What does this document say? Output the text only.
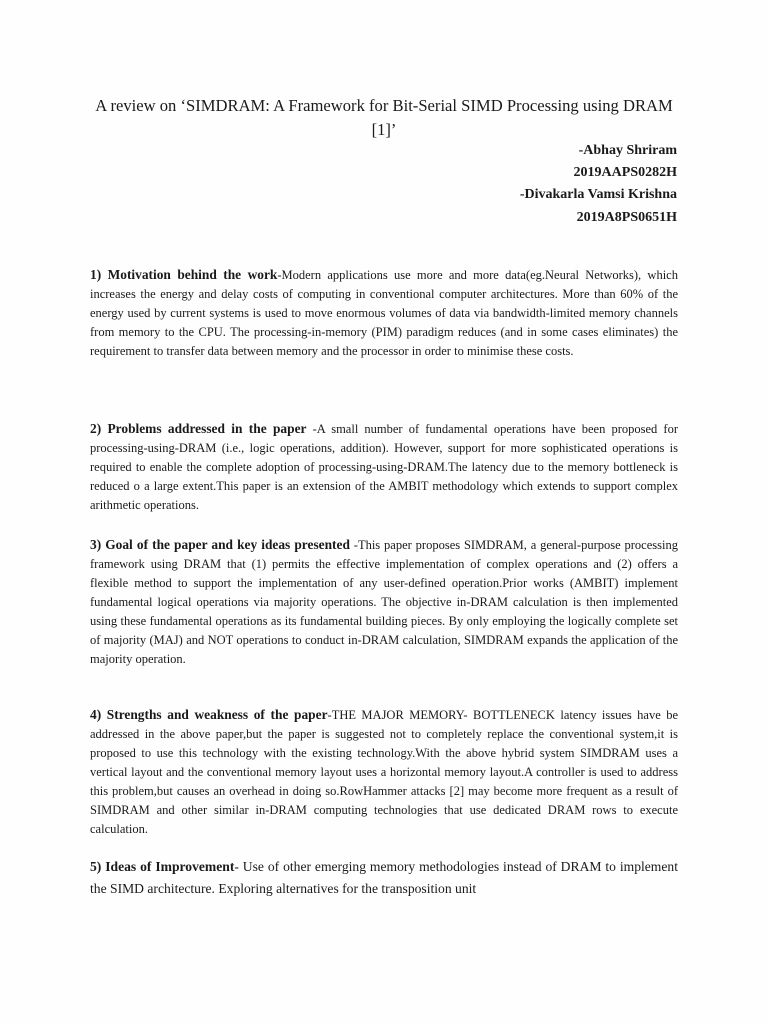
A review on ‘SIMDRAM: A Framework for Bit-Serial SIMD Processing using DRAM [1]’
-Abhay Shriram
2019AAPS0282H
-Divakarla Vamsi Krishna
2019A8PS0651H

1) Motivation behind the work-Modern applications use more and more data(eg.Neural Networks), which increases the energy and delay costs of computing in conventional computer architectures. More than 60% of the energy used by current systems is used to move enormous volumes of data via bandwidth-limited memory channels from memory to the CPU. The processing-in-memory (PIM) paradigm reduces (and in some cases eliminates) the requirement to transfer data between memory and the processor in order to minimise these costs.

2) Problems addressed in the paper -A small number of fundamental operations have been proposed for processing-using-DRAM (i.e., logic operations, addition). However, support for more sophisticated operations is required to enable the complete adoption of processing-using-DRAM.The latency due to the memory bottleneck is reduced o a large extent.This paper is an extension of the AMBIT methodology which extends to support complex arithmetic operations.

3) Goal of the paper and key ideas presented -This paper proposes SIMDRAM, a general-purpose processing framework using DRAM that (1) permits the effective implementation of complex operations and (2) offers a flexible method to support the implementation of any user-defined operation.Prior works (AMBIT) implement fundamental logical operations via majority operations. The objective in-DRAM calculation is then implemented using these fundamental operations as its fundamental building pieces. By only employing the logically complete set of majority (MAJ) and NOT operations to conduct in-DRAM calculation, SIMDRAM expands the application of the majority operation.

4) Strengths and weakness of the paper-THE MAJOR MEMORY- BOTTLENECK latency issues have be addressed in the above paper,but the paper is suggested not to completely replace the conventional system,it is proposed to use this technology with the existing technology.With the above hybrid system SIMDRAM uses a vertical layout and the conventional memory layout uses a horizontal memory layout.A controller is used to address this problem,but causes an overhead in doing so.RowHammer attacks [2] may become more frequent as a result of SIMDRAM and other similar in-DRAM computing technologies that use dedicated DRAM rows to execute calculation.

5) Ideas of Improvement- Use of other emerging memory methodologies instead of DRAM to implement the SIMD architecture. Exploring alternatives for the transposition unit
